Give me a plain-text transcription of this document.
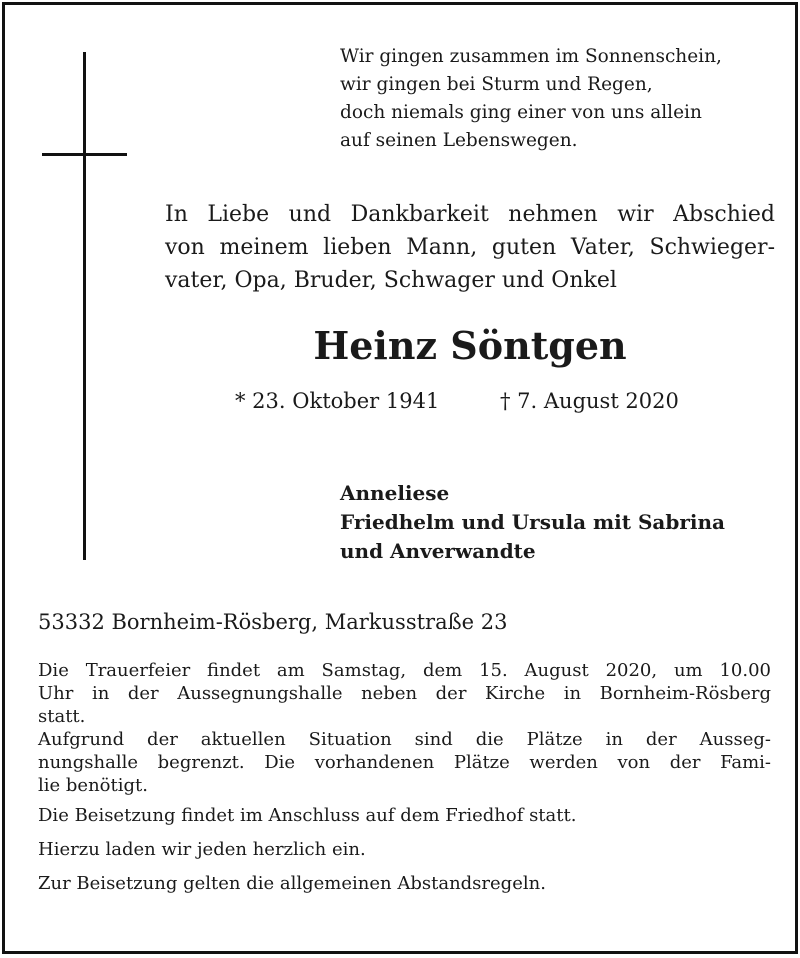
Wir gingen zusammen im Sonnenschein,
wir gingen bei Sturm und Regen,
doch niemals ging einer von uns allein
auf seinen Lebenswegen.
In Liebe und Dankbarkeit nehmen wir Abschied
von meinem lieben Mann, guten Vater, Schwieger-
vater, Opa, Bruder, Schwager und Onkel
Heinz Söntgen
* 23. Oktober 1941	† 7. August 2020
Anneliese
Friedhelm und Ursula mit Sabrina
und Anverwandte
53332 Bornheim-Rösberg, Markusstraße 23
Die Trauerfeier findet am Samstag, dem 15. August 2020, um 10.00
Uhr in der Aussegnungshalle neben der Kirche in Bornheim-Rösberg
statt.
Aufgrund der aktuellen Situation sind die Plätze in der Ausseg-
nungshalle begrenzt. Die vorhandenen Plätze werden von der Fami-
lie benötigt.
Die Beisetzung findet im Anschluss auf dem Friedhof statt.
Hierzu laden wir jeden herzlich ein.
Zur Beisetzung gelten die allgemeinen Abstandsregeln.
